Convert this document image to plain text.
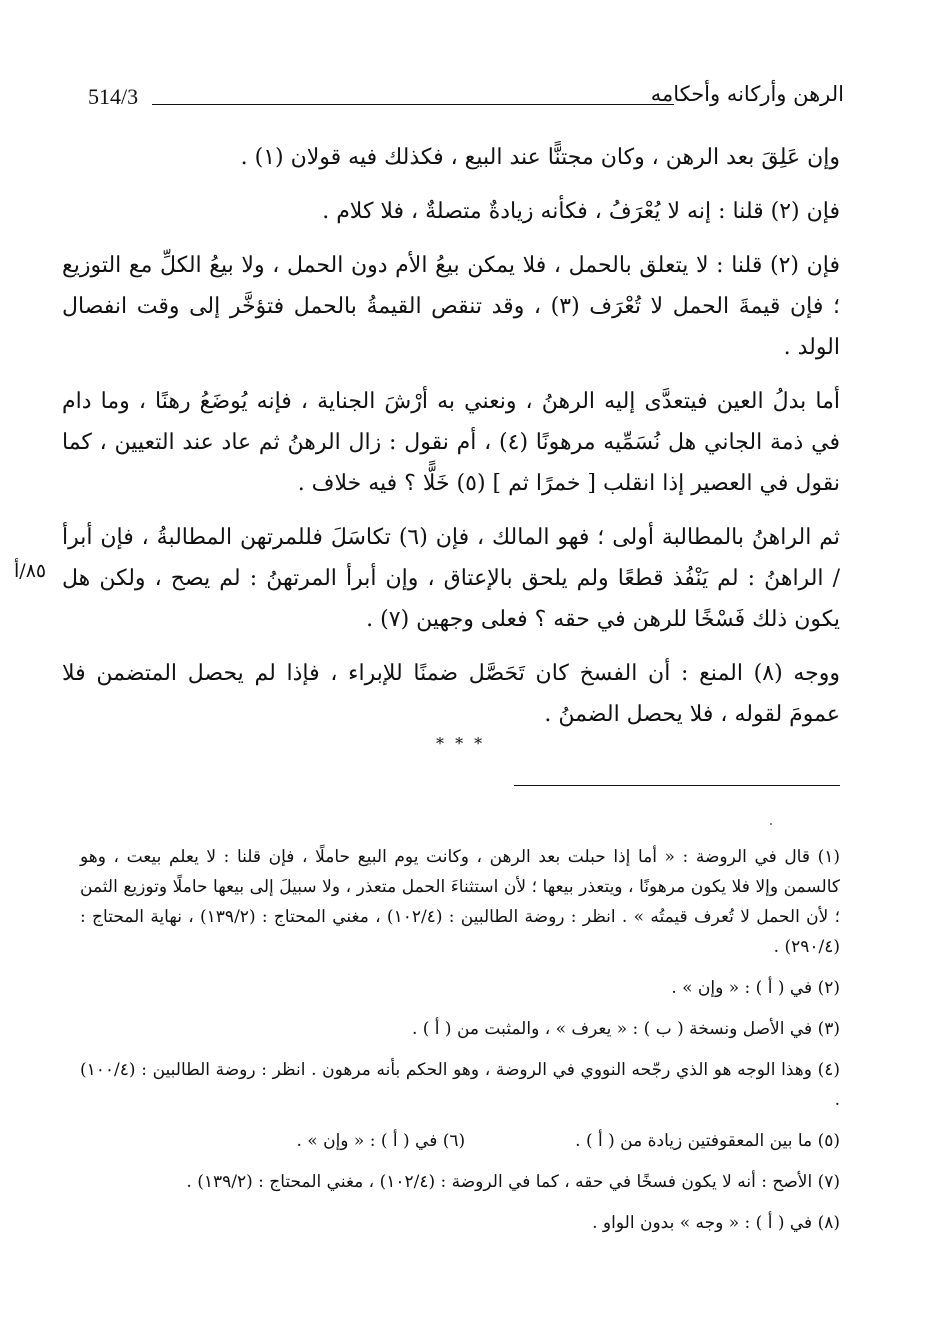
514/3	الرهن وأركانه وأحكامه

وإن عَلِقَ بعد الرهن ، وكان مجتنًّا عند البيع ، فكذلك فيه قولان (١) .

فإن (٢) قلنا : إنه لا يُعْرَفُ ، فكأنه زيادةٌ متصلةٌ ، فلا كلام .

فإن (٢) قلنا : لا يتعلق بالحمل ، فلا يمكن بيعُ الأم دون الحمل ، ولا بيعُ الكلِّ مع التوزيع ؛ فإن قيمةَ الحمل لا تُعْرَف (٣) ، وقد تنقص القيمةُ بالحمل فتؤخَّر إلى وقت انفصال الولد .

أما بدلُ العين فيتعدَّى إليه الرهنُ ، ونعني به أرْشَ الجناية ، فإنه يُوضَعُ رهنًا ، وما دام في ذمة الجاني هل نُسَمِّيه مرهونًا (٤) ، أم نقول : زال الرهنُ ثم عاد عند التعيين ، كما نقول في العصير إذا انقلب [ خمرًا ثم ] (٥) خَلًّا ؟ فيه خلاف .

ثم الراهنُ بالمطالبة أولى ؛ فهو المالك ، فإن (٦) تكاسَلَ فللمرتهن المطالبةُ ، فإن أبرأ / الراهنُ : لم يَنْفُذ قطعًا ولم يلحق بالإعتاق ، وإن أبرأ المرتهنُ : لم يصح ، ولكن هل يكون ذلك فَسْخًا للرهن في حقه ؟ فعلى وجهين (٧) .

ووجه (٨) المنع : أن الفسخ كان تَحَصَّل ضمنًا للإبراء ، فإذا لم يحصل المتضمن فلا عمومَ لقوله ، فلا يحصل الضمنُ .

٨٥/أ
* * *
(١) قال في الروضة : « أما إذا حبلت بعد الرهن ، وكانت يوم البيع حاملًا ، فإن قلنا : لا يعلم بيعت ، وهو كالسمن وإلا فلا يكون مرهونًا ، ويتعذر بيعها ؛ لأن استثناءَ الحمل متعذر ، ولا سبيلَ إلى بيعها حاملًا وتوزيع الثمن ؛ لأن الحمل لا تُعرف قيمتُه » . انظر : روضة الطالبين : (١٠٢/٤) ، مغني المحتاج : (١٣٩/٢) ، نهاية المحتاج : (٢٩٠/٤) .
(٢) في ( أ ) : « وإن » .
(٣) في الأصل ونسخة ( ب ) : « يعرف » ، والمثبت من ( أ ) .
(٤) وهذا الوجه هو الذي رجّحه النووي في الروضة ، وهو الحكم بأنه مرهون . انظر : روضة الطالبين : (١٠٠/٤) .
(٥) ما بين المعقوفتين زيادة من ( أ ) .
(٦) في ( أ ) : « وإن » .
(٧) الأصح : أنه لا يكون فسخًا في حقه ، كما في الروضة : (١٠٢/٤) ، مغني المحتاج : (١٣٩/٢) .
(٨) في ( أ ) : « وجه » بدون الواو .
